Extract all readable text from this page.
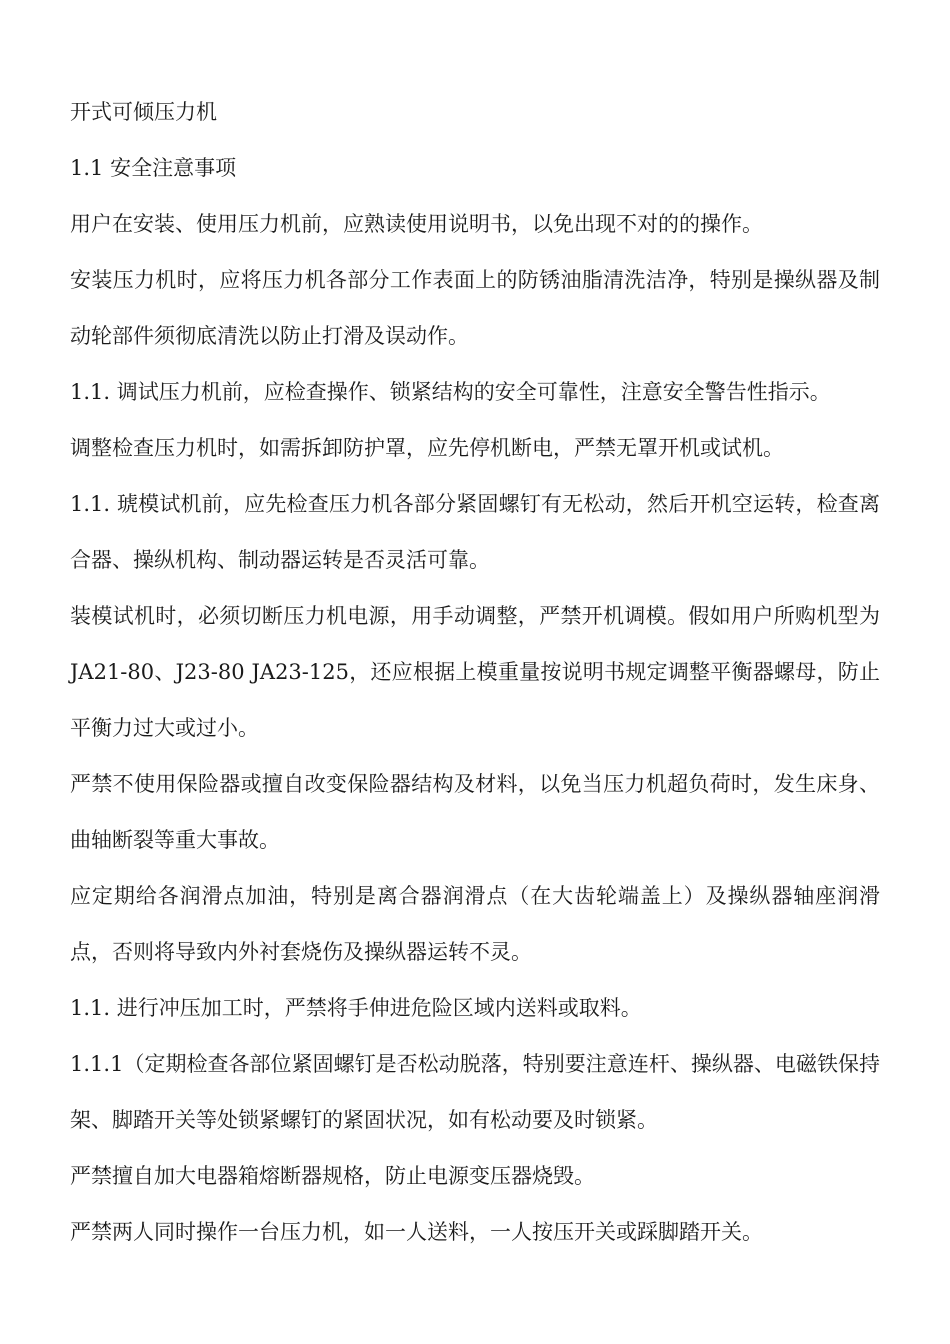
开式可倾压力机

1.1 安全注意事项

用户在安装、使用压力机前，应熟读使用说明书，以免出现不对的的操作。

安装压力机时，应将压力机各部分工作表面上的防锈油脂清洗洁净，特别是操纵器及制动轮部件须彻底清洗以防止打滑及误动作。

1.1. 调试压力机前，应检查操作、锁紧结构的安全可靠性，注意安全警告性指示。

调整检查压力机时，如需拆卸防护罩，应先停机断电，严禁无罩开机或试机。

1.1. 琥模试机前，应先检查压力机各部分紧固螺钉有无松动，然后开机空运转，检查离合器、操纵机构、制动器运转是否灵活可靠。

装模试机时，必须切断压力机电源，用手动调整，严禁开机调模。假如用户所购机型为JA21-80、J23-80 JA23-125，还应根据上模重量按说明书规定调整平衡器螺母，防止平衡力过大或过小。

严禁不使用保险器或擅自改变保险器结构及材料，以免当压力机超负荷时，发生床身、曲轴断裂等重大事故。

应定期给各润滑点加油，特别是离合器润滑点（在大齿轮端盖上）及操纵器轴座润滑点，否则将导致内外衬套烧伤及操纵器运转不灵。

1.1. 进行冲压加工时，严禁将手伸进危险区域内送料或取料。

1.1.1（定期检查各部位紧固螺钉是否松动脱落，特别要注意连杆、操纵器、电磁铁保持架、脚踏开关等处锁紧螺钉的紧固状况，如有松动要及时锁紧。

严禁擅自加大电器箱熔断器规格，防止电源变压器烧毁。

严禁两人同时操作一台压力机，如一人送料，一人按压开关或踩脚踏开关。
